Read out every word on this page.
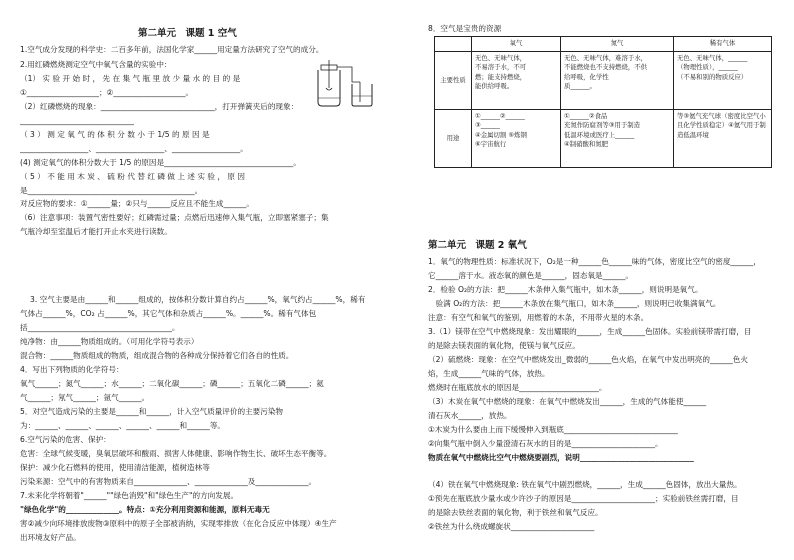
第二单元　课题 1 空气
1.空气成分发现的科学史：二百多年前，法国化学家______用定量方法研究了空气的成分。
2.用红磷燃烧测定空气中氧气含量的实验中：
（1） 实 验 开 始 时 ， 先 在 集 气 瓶 里 放 少 量 水 的 目 的 是
①___________________；②___________________。
（2）红磷燃烧的现象：______________________________，打开弹簧夹后的现象：
______________________________
（ 3 ） 测 定 氧 气 的 体 积 分 数 小 于 1/5 的 原 因 是
__________________、__________________、__________________。
(4) 测定氧气的体积分数大于 1/5 的原因是__________________________________。
（ 5 ） 不 能 用 木 炭 、 硫 粉 代 替 红 磷 做 上 述 实 验 ， 原 因
是____________________________________________。
对反应物的要求：①______量；②只与______反应且不能生成______。
（6）注意事项：装置气密性要好；红磷需过量；点燃后迅速伸入集气瓶，立即塞紧塞子；集
气瓶冷却至室温后才能打开止水夹进行读数。
3. 空气主要是由______和______组成的，按体积分数计算自约占______%，氧气约占______%，稀有
气体占______%，CO₂ 占______%，其它气体和杂质占______%。______%。稀有气体包
括______________________________________。
纯净物：由______物质组成的。（可用化学符号表示）
混合物：______物质组成的物质，组成混合物的各种成分保持着它们各自的性质。
4．写出下列物质的化学符号：
氧气______；氮气______；水______；二氧化碳______；磷______；五氧化二磷______；氦
气______；氖气______；氩气______。
5．对空气造成污染的主要是______和______，计入空气质量评价的主要污染物
为：______、______、______、______、______和______等。
6.空气污染的危害、保护：
危害：全球气候变暖，臭氧层破坏和酸雨、损害人体健康、影响作物生长、破坏生态平衡等。
保护：减少化石燃料的使用，使用清洁能源，植树造林等
污染来源：空气中的有害物质来自______________、______________及______________。
7.未来化学将朝着"______""绿色消毁"和"绿色生产"的方向发展。
"绿色化学"的______________。特点：①充分利用资源和能源，原料无毒无
害②减少向环境排放废物③原料中的原子全部被消纳，实现零排放（在化合反应中体现）④生产
出环境友好产品。
8．空气是宝贵的资源
	氧气	氮气	稀有气体
主要性质	无色、无味气体，
不易溶于水，不可
燃；能支持燃烧，
能供给呼吸。	无色、无味气体，难溶于水，
不能燃烧也不支持燃烧，不供
给呼吸，化学性
质______。	无色、无味气体，______
（物理性质），______
（不易和别的物质反应）

用途	①______②______
③______
④金属切割 ⑤炼钢
⑥宇宙航行	①______②食品
充氮作防腐剂等③用于制造
低温环境或医疗上______
④制硝酸和氮肥	等③氦气充气球（密度比空气小
且化学性质稳定）④氦气用于制
造低温环境
第二单元　课题 2 氧气
1．氧气的物理性质：标准状况下，O₂是一种______色______味的气体，密度比空气的密度______，
它______溶于水。液态氧的颜色是______，固态氧是______。
2．检验 O₂的方法：把______木条伸入集气瓶中，如木条______，则说明是氧气。
　验满 O₂的方法：把______木条放在集气瓶口，如木条______，则说明已收集满氧气。
注意：有空气和氧气的鉴别，用燃着的木条，不用带火星的木条。
3.（1）镁带在空气中燃烧现象：发出耀眼的______，生成______色固体。实验前镁带需打磨，目
的是除去镁表面的氧化物，使镁与氧气反应。
（2）硫燃烧：现象：在空气中燃烧发出_微弱的______色火焰，在氧气中发出明亮的______色火
焰，生成______气味的气体，放热。
燃烧时在瓶底放水的原因是_____________________。
（3）木炭在氧气中燃烧的现象：在氧气中燃烧发出______，生成的气体能使______
清石灰水______，放热。
①木炭为什么要由上而下缓慢伸入到瓶底______________________________
②向集气瓶中倒入少量澄清石灰水的目的是______________________。
物质在氧气中燃烧比空气中燃烧要剧烈，说明______________________________
（4）铁在氧气中燃烧现象: 铁在氧气中剧烈燃烧，______，生成______色固体，放出大量热。
①预先在瓶底放少量水或少许沙子的原因是______________________；实验前铁丝需打磨，目
的是除去铁丝表面的氧化物，利于铁丝和氧气反应。
②铁丝为什么绕成螺旋状______________________
